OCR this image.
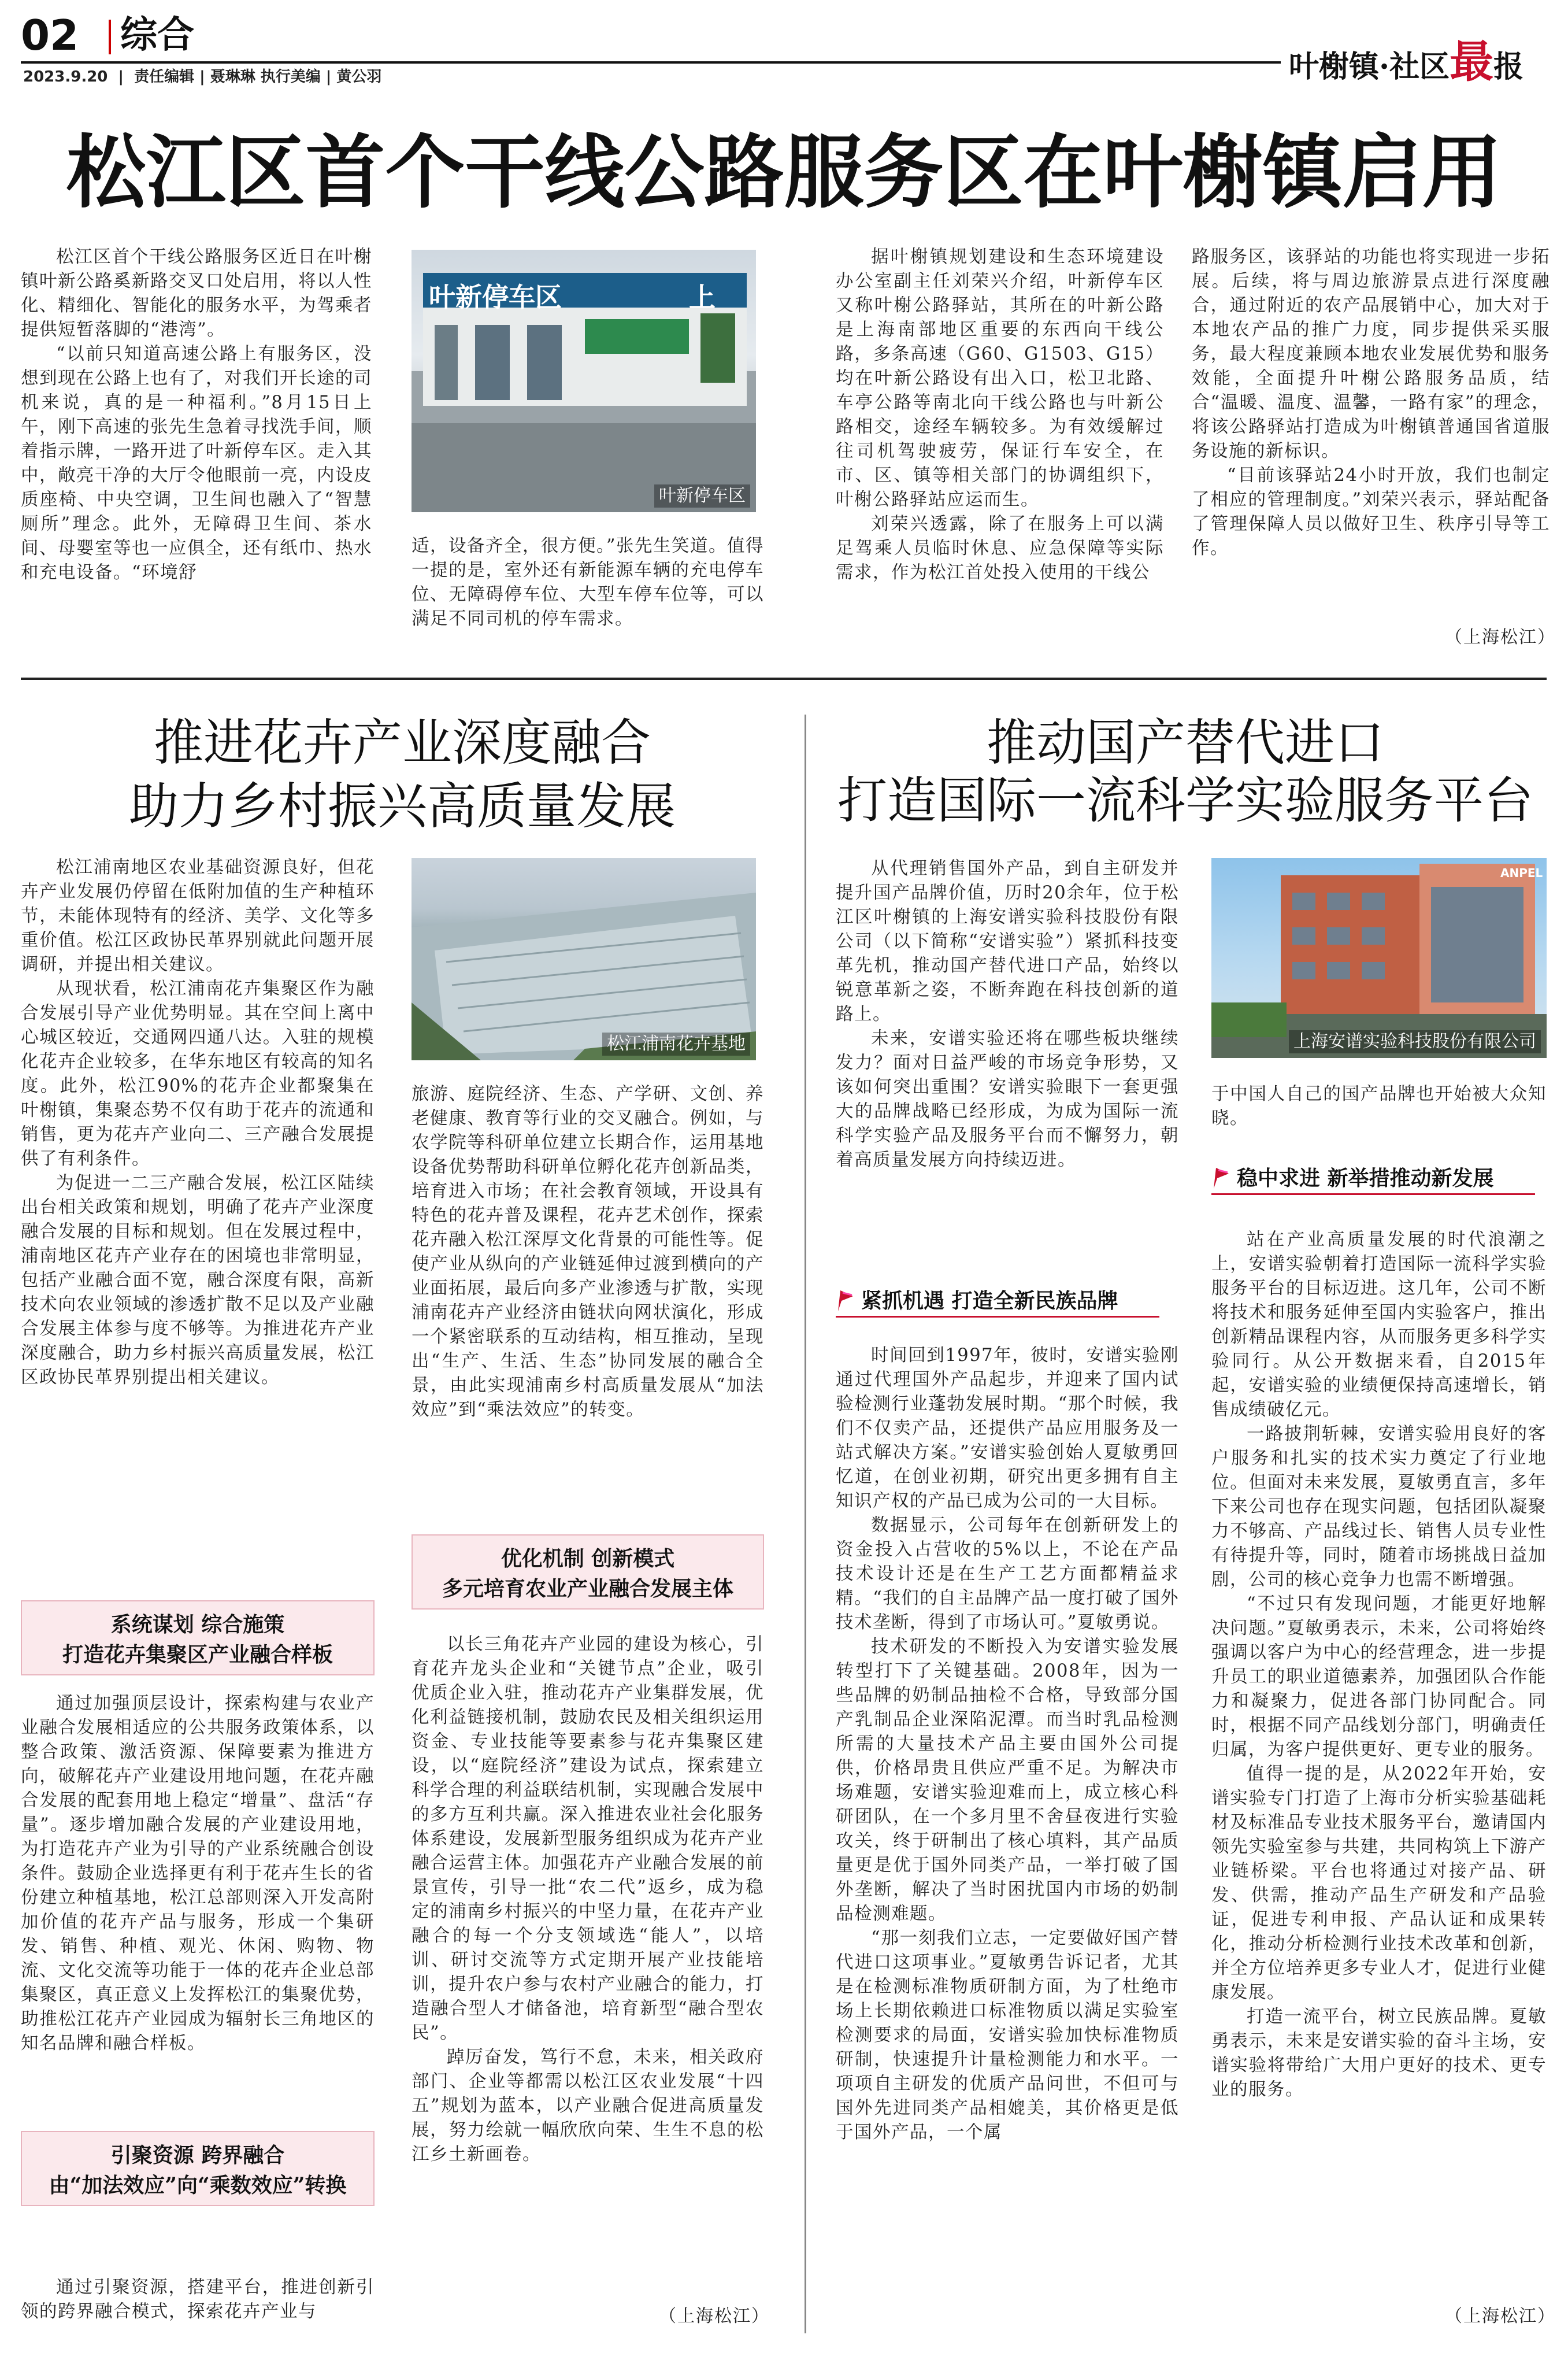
02 综合
2023.9.20  |  责任编辑 | 聂琳琳 执行美编 | 黄公羽	叶榭镇·社区最报
松江区首个干线公路服务区在叶榭镇启用

松江区首个干线公路服务区近日在叶榭镇叶新公路奚新路交叉口处启用，将以人性化、精细化、智能化的服务水平，为驾乘者提供短暂落脚的“港湾”。

“以前只知道高速公路上有服务区，没想到现在公路上也有了，对我们开长途的司机来说，真的是一种福利。”8月15日上午，刚下高速的张先生急着寻找洗手间，顺着指示牌，一路开进了叶新停车区。走入其中，敞亮干净的大厅令他眼前一亮，内设皮质座椅、中央空调，卫生间也融入了“智慧厕所”理念。此外，无障碍卫生间、茶水间、母婴室等也一应俱全，还有纸巾、热水和充电设备。“环境舒

叶新停车区	上
叶新停车区

适，设备齐全，很方便。”张先生笑道。值得一提的是，室外还有新能源车辆的充电停车位、无障碍停车位、大型车停车位等，可以满足不同司机的停车需求。

据叶榭镇规划建设和生态环境建设办公室副主任刘荣兴介绍，叶新停车区又称叶榭公路驿站，其所在的叶新公路是上海南部地区重要的东西向干线公路，多条高速（G60、G1503、G15）均在叶新公路设有出入口，松卫北路、车亭公路等南北向干线公路也与叶新公路相交，途经车辆较多。为有效缓解过往司机驾驶疲劳，保证行车安全，在市、区、镇等相关部门的协调组织下，叶榭公路驿站应运而生。

刘荣兴透露，除了在服务上可以满足驾乘人员临时休息、应急保障等实际需求，作为松江首处投入使用的干线公

路服务区，该驿站的功能也将实现进一步拓展。后续，将与周边旅游景点进行深度融合，通过附近的农产品展销中心，加大对于本地农产品的推广力度，同步提供采买服务，最大程度兼顾本地农业发展优势和服务效能，全面提升叶榭公路服务品质，结合“温暖、温度、温馨，一路有家”的理念，将该公路驿站打造成为叶榭镇普通国省道服务设施的新标识。

“目前该驿站24小时开放，我们也制定了相应的管理制度。”刘荣兴表示，驿站配备了管理保障人员以做好卫生、秩序引导等工作。

（上海松江）
推进花卉产业深度融合
助力乡村振兴高质量发展

松江浦南地区农业基础资源良好，但花卉产业发展仍停留在低附加值的生产种植环节，未能体现特有的经济、美学、文化等多重价值。松江区政协民革界别就此问题开展调研，并提出相关建议。

从现状看，松江浦南花卉集聚区作为融合发展引导产业优势明显。其在空间上离中心城区较近，交通网四通八达。入驻的规模化花卉企业较多，在华东地区有较高的知名度。此外，松江90%的花卉企业都聚集在叶榭镇，集聚态势不仅有助于花卉的流通和销售，更为花卉产业向二、三产融合发展提供了有利条件。

为促进一二三产融合发展，松江区陆续出台相关政策和规划，明确了花卉产业深度融合发展的目标和规划。但在发展过程中，浦南地区花卉产业存在的困境也非常明显，包括产业融合面不宽，融合深度有限，高新技术向农业领域的渗透扩散不足以及产业融合发展主体参与度不够等。为推进花卉产业深度融合，助力乡村振兴高质量发展，松江区政协民革界别提出相关建议。

系统谋划 综合施策
打造花卉集聚区产业融合样板

通过加强顶层设计，探索构建与农业产业融合发展相适应的公共服务政策体系，以整合政策、激活资源、保障要素为推进方向，破解花卉产业建设用地问题，在花卉融合发展的配套用地上稳定“增量”、盘活“存量”。逐步增加融合发展的产业建设用地，为打造花卉产业为引导的产业系统融合创设条件。鼓励企业选择更有利于花卉生长的省份建立种植基地，松江总部则深入开发高附加价值的花卉产品与服务，形成一个集研发、销售、种植、观光、休闲、购物、物流、文化交流等功能于一体的花卉企业总部集聚区，真正意义上发挥松江的集聚优势，助推松江花卉产业园成为辐射长三角地区的知名品牌和融合样板。

引聚资源 跨界融合
由“加法效应”向“乘数效应”转换

通过引聚资源，搭建平台，推进创新引领的跨界融合模式，探索花卉产业与

松江浦南花卉基地

旅游、庭院经济、生态、产学研、文创、养老健康、教育等行业的交叉融合。例如，与农学院等科研单位建立长期合作，运用基地设备优势帮助科研单位孵化花卉创新品类，培育进入市场；在社会教育领域，开设具有特色的花卉普及课程，花卉艺术创作，探索花卉融入松江深厚文化背景的可能性等。促使产业从纵向的产业链延伸过渡到横向的产业面拓展，最后向多产业渗透与扩散，实现浦南花卉产业经济由链状向网状演化，形成一个紧密联系的互动结构，相互推动，呈现出“生产、生活、生态”协同发展的融合全景，由此实现浦南乡村高质量发展从“加法效应”到“乘法效应”的转变。

优化机制 创新模式
多元培育农业产业融合发展主体

以长三角花卉产业园的建设为核心，引育花卉龙头企业和“关键节点”企业，吸引优质企业入驻，推动花卉产业集群发展，优化利益链接机制，鼓励农民及相关组织运用资金、专业技能等要素参与花卉集聚区建设，以“庭院经济”建设为试点，探索建立科学合理的利益联结机制，实现融合发展中的多方互利共赢。深入推进农业社会化服务体系建设，发展新型服务组织成为花卉产业融合运营主体。加强花卉产业融合发展的前景宣传，引导一批“农二代”返乡，成为稳定的浦南乡村振兴的中坚力量，在花卉产业融合的每一个分支领域选“能人”，以培训、研讨交流等方式定期开展产业技能培训，提升农户参与农村产业融合的能力，打造融合型人才储备池，培育新型“融合型农民”。

踔厉奋发，笃行不怠，未来，相关政府部门、企业等都需以松江区农业发展“十四五”规划为蓝本，以产业融合促进高质量发展，努力绘就一幅欣欣向荣、生生不息的松江乡土新画卷。

（上海松江）
推动国产替代进口
打造国际一流科学实验服务平台

从代理销售国外产品，到自主研发并提升国产品牌价值，历时20余年，位于松江区叶榭镇的上海安谱实验科技股份有限公司（以下简称“安谱实验”）紧抓科技变革先机，推动国产替代进口产品，始终以锐意革新之姿，不断奔跑在科技创新的道路上。

未来，安谱实验还将在哪些板块继续发力？面对日益严峻的市场竞争形势，又该如何突出重围？安谱实验眼下一套更强大的品牌战略已经形成，为成为国际一流科学实验产品及服务平台而不懈努力，朝着高质量发展方向持续迈进。

紧抓机遇 打造全新民族品牌

时间回到1997年，彼时，安谱实验刚通过代理国外产品起步，并迎来了国内试验检测行业蓬勃发展时期。“那个时候，我们不仅卖产品，还提供产品应用服务及一站式解决方案。”安谱实验创始人夏敏勇回忆道，在创业初期，研究出更多拥有自主知识产权的产品已成为公司的一大目标。

数据显示，公司每年在创新研发上的资金投入占营收的5%以上，不论在产品技术设计还是在生产工艺方面都精益求精。“我们的自主品牌产品一度打破了国外技术垄断，得到了市场认可。”夏敏勇说。

技术研发的不断投入为安谱实验发展转型打下了关键基础。2008年，因为一些品牌的奶制品抽检不合格，导致部分国产乳制品企业深陷泥潭。而当时乳品检测所需的大量技术产品主要由国外公司提供，价格昂贵且供应严重不足。为解决市场难题，安谱实验迎难而上，成立核心科研团队，在一个多月里不舍昼夜进行实验攻关，终于研制出了核心填料，其产品质量更是优于国外同类产品，一举打破了国外垄断，解决了当时困扰国内市场的奶制品检测难题。

“那一刻我们立志，一定要做好国产替代进口这项事业。”夏敏勇告诉记者，尤其是在检测标准物质研制方面，为了杜绝市场上长期依赖进口标准物质以满足实验室检测要求的局面，安谱实验加快标准物质研制，快速提升计量检测能力和水平。一项项自主研发的优质产品问世，不但可与国外先进同类产品相媲美，其价格更是低于国外产品，一个属

ANPEL
上海安谱实验科技股份有限公司

于中国人自己的国产品牌也开始被大众知晓。

稳中求进 新举措推动新发展

站在产业高质量发展的时代浪潮之上，安谱实验朝着打造国际一流科学实验服务平台的目标迈进。这几年，公司不断将技术和服务延伸至国内实验客户，推出创新精品课程内容，从而服务更多科学实验同行。从公开数据来看，自2015年起，安谱实验的业绩便保持高速增长，销售成绩破亿元。

一路披荆斩棘，安谱实验用良好的客户服务和扎实的技术实力奠定了行业地位。但面对未来发展，夏敏勇直言，多年下来公司也存在现实问题，包括团队凝聚力不够高、产品线过长、销售人员专业性有待提升等，同时，随着市场挑战日益加剧，公司的核心竞争力也需不断增强。

“不过只有发现问题，才能更好地解决问题。”夏敏勇表示，未来，公司将始终强调以客户为中心的经营理念，进一步提升员工的职业道德素养，加强团队合作能力和凝聚力，促进各部门协同配合。同时，根据不同产品线划分部门，明确责任归属，为客户提供更好、更专业的服务。

值得一提的是，从2022年开始，安谱实验专门打造了上海市分析实验基础耗材及标准品专业技术服务平台，邀请国内领先实验室参与共建，共同构筑上下游产业链桥梁。平台也将通过对接产品、研发、供需，推动产品生产研发和产品验证，促进专利申报、产品认证和成果转化，推动分析检测行业技术改革和创新，并全方位培养更多专业人才，促进行业健康发展。

打造一流平台，树立民族品牌。夏敏勇表示，未来是安谱实验的奋斗主场，安谱实验将带给广大用户更好的技术、更专业的服务。

（上海松江）
